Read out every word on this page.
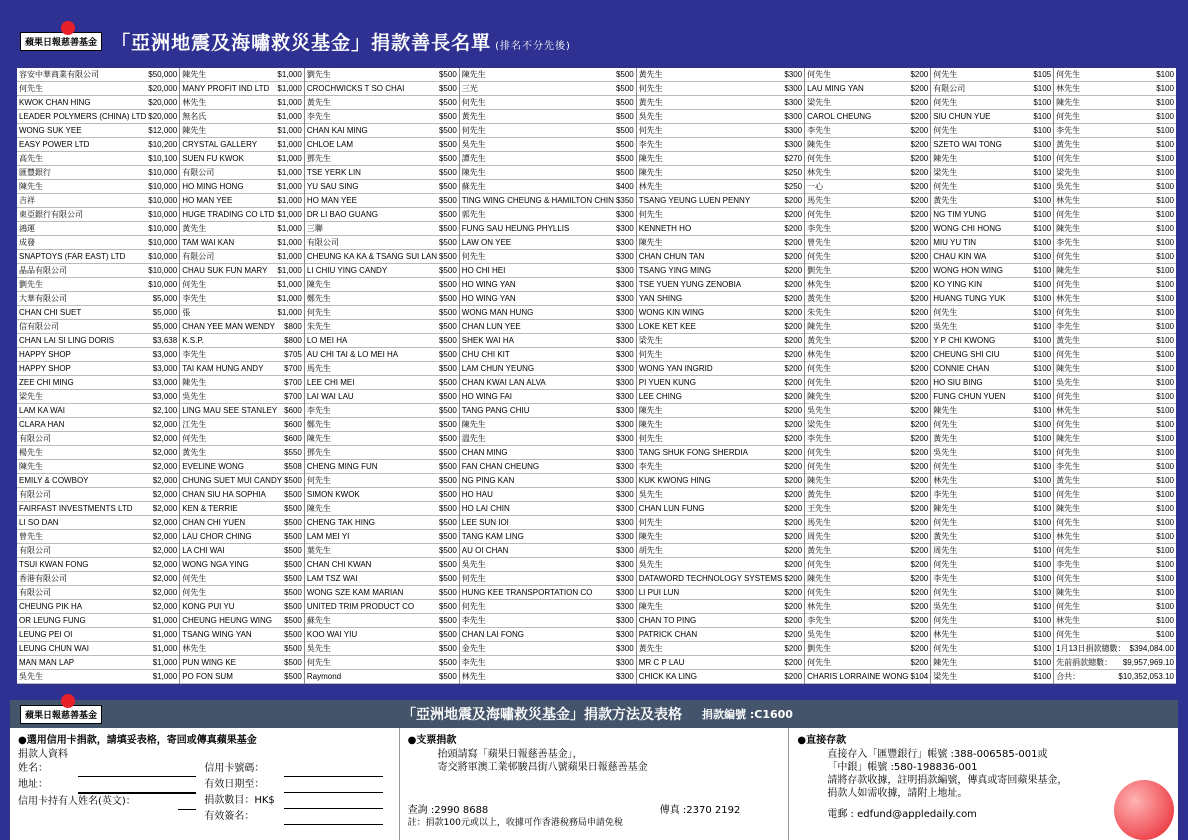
蘋果日報慈善基金 「亞洲地震及海嘯救災基金」捐款善長名單 (排名不分先後)
容安中華商業有限公司	$50,000
何先生	$20,000
KWOK CHAN HING	$20,000
LEADER POLYMERS (CHINA) LTD $20,000
WONG SUK YEE	$12,000
EASY POWER LTD	$10,200
高先生	$10,100
匯豐銀行	$10,000
陳先生	$10,000
吉祥	$10,000
東亞銀行有限公司	$10,000
鴻運	$10,000
成發	$10,000
SNAPTOYS (FAR EAST) LTD	$10,000
晶品有限公司	$10,000
劉先生	$10,000
大華有限公司	$5,000
CHAN CHI SUET	$5,000
信有限公司	$5,000
CHAN LAI SI LING DORIS	$3,638
HAPPY SHOP	$3,000
HAPPY SHOP	$3,000
ZEE CHI MING	$3,000
梁先生	$3,000
LAM KA WAI	$2,100
CLARA HAN	$2,000
有限公司	$2,000
楊先生	$2,000
陳先生	$2,000
EMILY & COWBOY	$2,000
有限公司	$2,000
FAIRFAST INVESTMENTS LTD	$2,000
LI SO DAN	$2,000
曾先生	$2,000
有限公司	$2,000
TSUI KWAN FONG	$2,000
香港有限公司	$2,000
有限公司	$2,000
CHEUNG PIK HA	$2,000
OR LEUNG FUNG	$1,000
LEUNG PEI OI	$1,000
LEUNG CHUN WAI	$1,000
MAN MAN LAP	$1,000
吳先生	$1,000
陳先生	$1,000
MANY PROFIT IND LTD	$1,000
林先生	$1,000
無名氏	$1,000
陳先生	$1,000
CRYSTAL GALLERY	$1,000
SUEN FU KWOK	$1,000
有限公司	$1,000
HO MING HONG	$1,000
HO MAN YEE	$1,000
HUGE TRADING CO LTD $1,000
黃先生	$1,000
TAM WAI KAN	$1,000
有限公司	$1,000
CHAU SUK FUN MARY	$1,000
何先生	$1,000
李先生	$1,000
張	$1,000
CHAN YEE MAN WENDY	$800
K.S.P.	$800
李先生	$705
TAI KAM HUNG ANDY	$700
陳先生	$700
吳先生	$700
LING MAU SEE STANLEY $600
江先生	$600
何先生	$600
黃先生	$550
EVELINE WONG	$508
CHUNG SUET MUI CANDY $500
CHAN SIU HA SOPHIA	$500
KEN & TERRIE	$500
CHAN CHI YUEN	$500
LAU CHOR CHING	$500
LA CHI WAI	$500
WONG NGA YING	$500
何先生	$500
何先生	$500
KONG PUI YU	$500
CHEUNG HEUNG WING	$500
TSANG WING YAN	$500
林先生	$500
PUN WING KE	$500
PO FON SUM	$500
劉先生	$500
CROCHWICKS T SO CHAI	$500
黃先生	$500
李先生	$500
CHAN KAI MING	$500
CHLOE LAM	$500
鄧先生	$500
TSE YERK LIN	$500
YU SAU SING	$500
HO MAN YEE	$500
DR LI BAO GUANG	$500
三聯	$500
有限公司	$500
CHEUNG KA KA & TSANG SUI LAN $500
LI CHIU YING CANDY	$500
陳先生	$500
鄭先生	$500
何先生	$500
朱先生	$500
LO MEI HA	$500
AU CHI TAI & LO MEI HA	$500
馬先生	$500
LEE CHI MEI	$500
LAI WAI LAU	$500
李先生	$500
鄭先生	$500
陳先生	$500
鄧先生	$500
CHENG MING FUN	$500
何先生	$500
SIMON KWOK	$500
陳先生	$500
CHENG TAK HING	$500
LAM MEI YI	$500
葉先生	$500
CHAN CHI KWAN	$500
LAM TSZ WAI	$500
WONG SZE KAM MARIAN	$500
UNITED TRIM PRODUCT CO	$500
蘇先生	$500
KOO WAI YIU	$500
吳先生	$500
何先生	$500
Raymond	$500
陳先生	$500
三光	$500
何先生	$500
黃先生	$500
何先生	$500
吳先生	$500
譚先生	$500
陳先生	$500
蘇先生	$400
TING WING CHEUNG & HAMILTON CHIN $350
郭先生	$300
FUNG SAU HEUNG PHYLLIS	$300
LAW ON YEE	$300
何先生	$300
HO CHI HEI	$300
HO WING YAN	$300
HO WING YAN	$300
WONG MAN HUNG	$300
CHAN LUN YEE	$300
SHEK WAI HA	$300
CHU CHI KIT	$300
LAM CHUN YEUNG	$300
CHAN KWAI LAN ALVA	$300
HO WING FAI	$300
TANG PANG CHIU	$300
陳先生	$300
溫先生	$300
CHAN MING	$300
FAN CHAN CHEUNG	$300
NG PING KAN	$300
HO HAU	$300
HO LAI CHIN	$300
LEE SUN IOI	$300
TANG KAM LING	$300
AU OI CHAN	$300
吳先生	$300
何先生	$300
HUNG KEE TRANSPORTATION CO	$300
何先生	$300
李先生	$300
CHAN LAI FONG	$300
金先生	$300
李先生	$300
林先生	$300
黃先生	$300
何先生	$300
黃先生	$300
吳先生	$300
何先生	$300
李先生	$300
陳先生	$270
陳先生	$250
林先生	$250
TSANG YEUNG LUEN PENNY	$200
何先生	$200
KENNETH HO	$200
陳先生	$200
CHAN CHUN TAN	$200
TSANG YING MING	$200
TSE YUEN YUNG ZENOBIA	$200
YAN SHING	$200
WONG KIN WING	$200
LOKE KET KEE	$200
梁先生	$200
何先生	$200
WONG YAN INGRID	$200
PI YUEN KUNG	$200
LEE CHING	$200
陳先生	$200
陳先生	$200
何先生	$200
TANG SHUK FONG SHERDIA	$200
李先生	$200
KUK KWONG HING	$200
吳先生	$200
CHAN LUN FUNG	$200
何先生	$200
陳先生	$200
胡先生	$200
吳先生	$200
DATAWORD TECHNOLOGY SYSTEMS $200
LI PUI LUN	$200
陳先生	$200
CHAN TO PING	$200
PATRICK CHAN	$200
黃先生	$200
MR C P LAU	$200
CHICK KA LING	$200
何先生	$200
LAU MING YAN	$200
梁先生	$200
CAROL CHEUNG	$200
李先生	$200
陳先生	$200
何先生	$200
林先生	$200
一心	$200
馬先生	$200
何先生	$200
李先生	$200
曾先生	$200
何先生	$200
劉先生	$200
林先生	$200
黃先生	$200
朱先生	$200
陳先生	$200
黃先生	$200
林先生	$200
何先生	$200
何先生	$200
陳先生	$200
吳先生	$200
梁先生	$200
李先生	$200
何先生	$200
何先生	$200
陳先生	$200
黃先生	$200
王先生	$200
馬先生	$200
周先生	$200
黃先生	$200
何先生	$200
陳先生	$200
何先生	$200
林先生	$200
李先生	$200
吳先生	$200
劉先生	$200
何先生	$200
CHARIS LORRAINE WONG $104
何先生	$105
有限公司	$100
何先生	$100
SIU CHUN YUE	$100
何先生	$100
SZETO WAI TONG	$100
陳先生	$100
梁先生	$100
何先生	$100
黃先生	$100
NG TIM YUNG	$100
WONG CHI HONG	$100
MIU YU TIN	$100
CHAU KIN WA	$100
WONG HON WING	$100
KO YING KIN	$100
HUANG TUNG YUK	$100
何先生	$100
吳先生	$100
Y P CHI KWONG	$100
CHEUNG SHI CIU	$100
CONNIE CHAN	$100
HO SIU BING	$100
FUNG CHUN YUEN	$100
陳先生	$100
何先生	$100
黃先生	$100
吳先生	$100
何先生	$100
林先生	$100
李先生	$100
陳先生	$100
何先生	$100
黃先生	$100
周先生	$100
何先生	$100
李先生	$100
何先生	$100
吳先生	$100
何先生	$100
林先生	$100
何先生	$100
陳先生	$100
梁先生	$100
何先生	$100
林先生	$100
陳先生	$100
何先生	$100
李先生	$100
黃先生	$100
何先生	$100
梁先生	$100
吳先生	$100
林先生	$100
何先生	$100
陳先生	$100
李先生	$100
何先生	$100
陳先生	$100
何先生	$100
林先生	$100
何先生	$100
李先生	$100
黃先生	$100
何先生	$100
陳先生	$100
吳先生	$100
何先生	$100
林先生	$100
何先生	$100
陳先生	$100
何先生	$100
李先生	$100
黃先生	$100
何先生	$100
陳先生	$100
何先生	$100
林先生	$100
何先生	$100
李先生	$100
何先生	$100
陳先生	$100
何先生	$100
林先生	$100
何先生	$100
1月13日捐款總數： $394,084.00
先前捐款總數：	$9,957,969.10
合共：	$10,352,053.10
蘋果日報慈善基金	「亞洲地震及海嘯救災基金」捐款方法及表格 捐款編號 :C1600
●選用信用卡捐款，請填妥表格，寄回或傳真蘋果基金
捐款人資料
姓名：
地址：
信用卡持有人姓名(英文)：
信用卡號碼：
有效日期至：
捐款數目：HK$
有效簽名：
●支票捐款
抬頭請寫「蘋果日報慈善基金」，
寄交將軍澳工業邨駿昌街八號蘋果日報慈善基金
查詢 :2990 8688	傳真 :2370 2192
註：捐款100元或以上，收據可作香港稅務局申請免稅
●直接存款
直接存入「匯豐銀行」帳號 :388-006585-001或
「中銀」帳號 :580-198836-001
請將存款收據，註明捐款編號，傳真或寄回蘋果基金，
捐款人如需收據，請附上地址。
電郵 : edfund@appledaily.com
